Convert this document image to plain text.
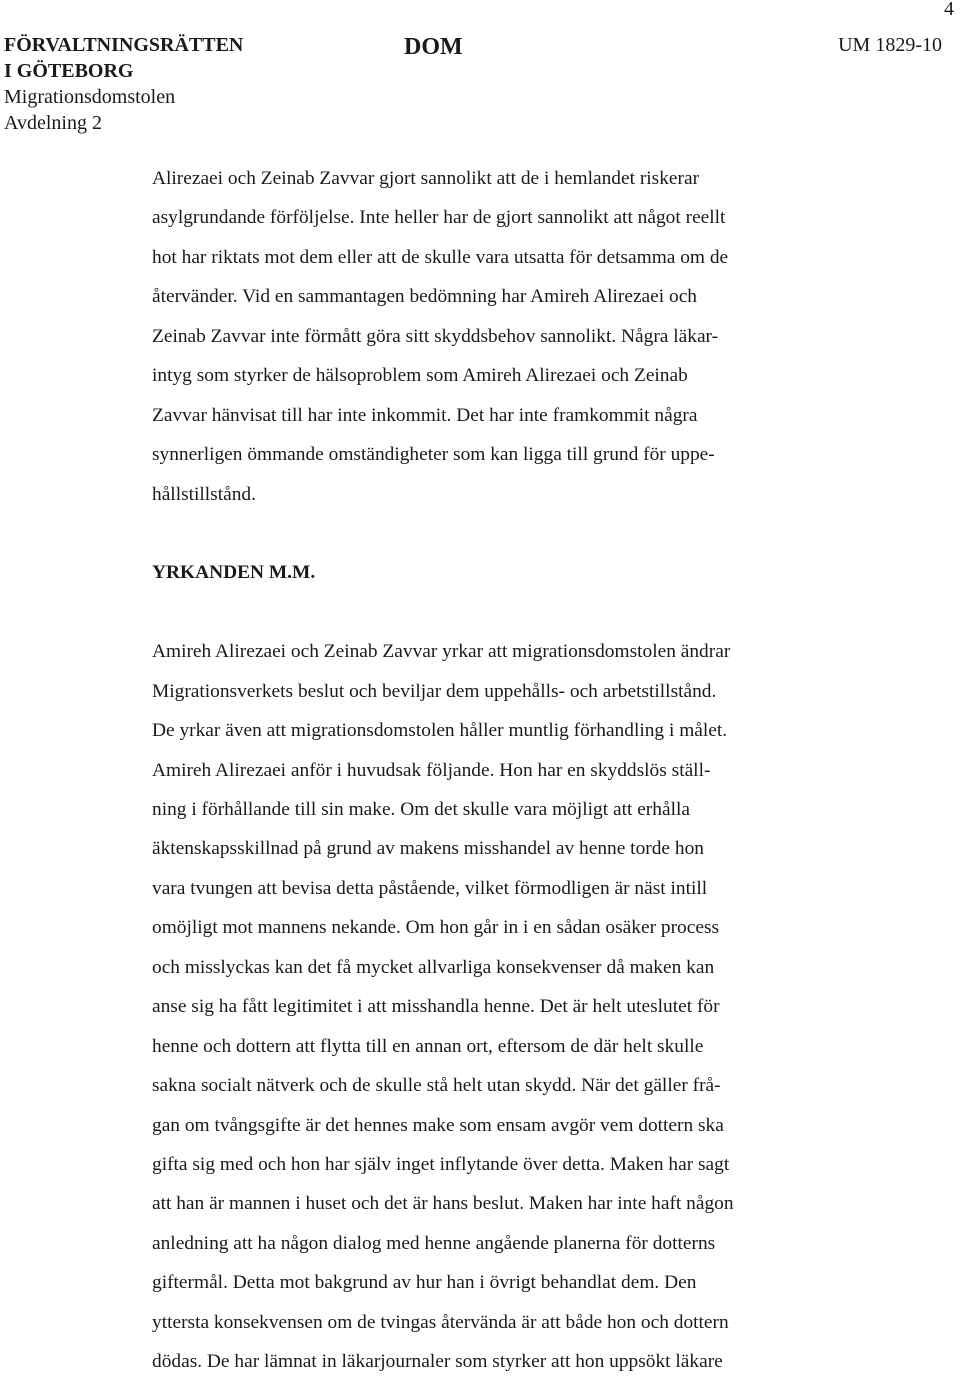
4
FÖRVALTNINGSRÄTTEN
I GÖTEBORG
Migrationsdomstolen
Avdelning 2
DOM	UM 1829-10
Alirezaei och Zeinab Zavvar gjort sannolikt att de i hemlandet riskerar
asylgrundande förföljelse. Inte heller har de gjort sannolikt att något reellt
hot har riktats mot dem eller att de skulle vara utsatta för detsamma om de
återvänder. Vid en sammantagen bedömning har Amireh Alirezaei och
Zeinab Zavvar inte förmått göra sitt skyddsbehov sannolikt. Några läkar-
intyg som styrker de hälsoproblem som Amireh Alirezaei och Zeinab
Zavvar hänvisat till har inte inkommit. Det har inte framkommit några
synnerligen ömmande omständigheter som kan ligga till grund för uppe-
hållstillstånd.
YRKANDEN M.M.
Amireh Alirezaei och Zeinab Zavvar yrkar att migrationsdomstolen ändrar
Migrationsverkets beslut och beviljar dem uppehålls- och arbetstillstånd.
De yrkar även att migrationsdomstolen håller muntlig förhandling i målet.
Amireh Alirezaei anför i huvudsak följande. Hon har en skyddslös ställ-
ning i förhållande till sin make. Om det skulle vara möjligt att erhålla
äktenskapsskillnad på grund av makens misshandel av henne torde hon
vara tvungen att bevisa detta påstående, vilket förmodligen är näst intill
omöjligt mot mannens nekande. Om hon går in i en sådan osäker process
och misslyckas kan det få mycket allvarliga konsekvenser då maken kan
anse sig ha fått legitimitet i att misshandla henne. Det är helt uteslutet för
henne och dottern att flytta till en annan ort, eftersom de där helt skulle
sakna socialt nätverk och de skulle stå helt utan skydd. När det gäller frå-
gan om tvångsgifte är det hennes make som ensam avgör vem dottern ska
gifta sig med och hon har själv inget inflytande över detta. Maken har sagt
att han är mannen i huset och det är hans beslut. Maken har inte haft någon
anledning att ha någon dialog med henne angående planerna för dotterns
giftermål. Detta mot bakgrund av hur han i övrigt behandlat dem. Den
yttersta konsekvensen om de tvingas återvända är att både hon och dottern
dödas. De har lämnat in läkarjournaler som styrker att hon uppsökt läkare
